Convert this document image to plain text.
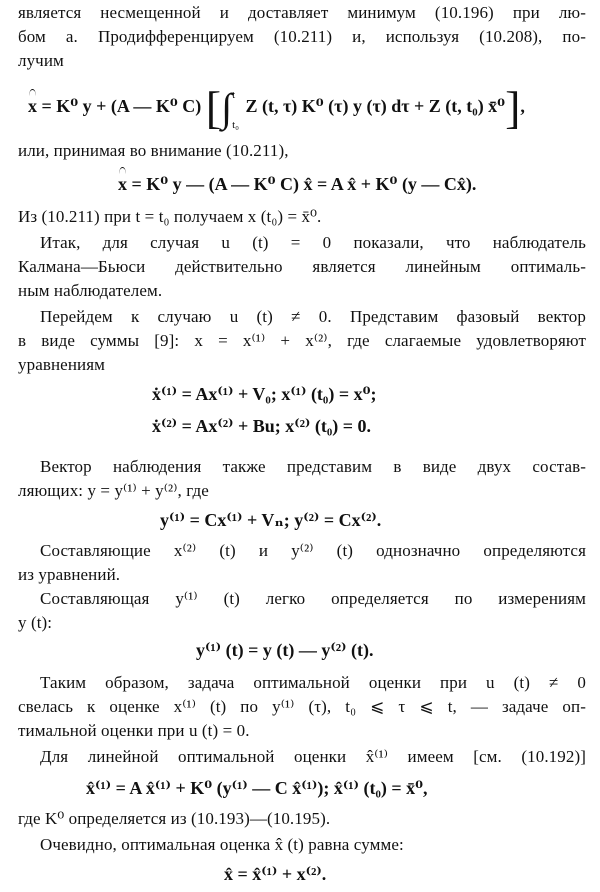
является несмещенной и доставляет минимум (10.196) при лю-
бом a. Продифференцируем (10.211) и, используя (10.208), по-
лучим
x = K⁰ y + (A — K⁰ C) [∫t
t₀ Z (t, τ) K⁰ (τ) y (τ) dτ + Z (t, t₀) x̄⁰],
или, принимая во внимание (10.211),
x = K⁰ y — (A — K⁰ C) x̂ = A x̂ + K⁰ (y — Cx̂).
Из (10.211) при t = t₀ получаем x (t₀) = x̄⁰.
Итак, для случая u (t) = 0 показали, что наблюдатель
Калмана—Бьюси действительно является линейным оптималь-
ным наблюдателем.
Перейдем к случаю u (t) ≠ 0. Представим фазовый вектор
в виде суммы [9]: x = x⁽¹⁾ + x⁽²⁾, где слагаемые удовлетворяют
уравнениям
ẋ⁽¹⁾ = Ax⁽¹⁾ + V₀; x⁽¹⁾ (t₀) = x⁰;
ẋ⁽²⁾ = Ax⁽²⁾ + Bu; x⁽²⁾ (t₀) = 0.
Вектор наблюдения также представим в виде двух состав-
ляющих: y = y⁽¹⁾ + y⁽²⁾, где
y⁽¹⁾ = Cx⁽¹⁾ + Vₙ; y⁽²⁾ = Cx⁽²⁾.
Составляющие x⁽²⁾ (t) и y⁽²⁾ (t) однозначно определяются
из уравнений.
Составляющая y⁽¹⁾ (t) легко определяется по измерениям
y (t):
y⁽¹⁾ (t) = y (t) — y⁽²⁾ (t).
Таким образом, задача оптимальной оценки при u (t) ≠ 0
свелась к оценке x⁽¹⁾ (t) по y⁽¹⁾ (τ), t₀ ⩽ τ ⩽ t, — задаче оп-
тимальной оценки при u (t) = 0.
Для линейной оптимальной оценки x̂⁽¹⁾ имеем [см. (10.192)]
x̂⁽¹⁾ = A x̂⁽¹⁾ + K⁰ (y⁽¹⁾ — C x̂⁽¹⁾); x̂⁽¹⁾ (t₀) = x̄⁰,
где K⁰ определяется из (10.193)—(10.195).
Очевидно, оптимальная оценка x̂ (t) равна сумме:
x̂ = x̂⁽¹⁾ + x⁽²⁾.
